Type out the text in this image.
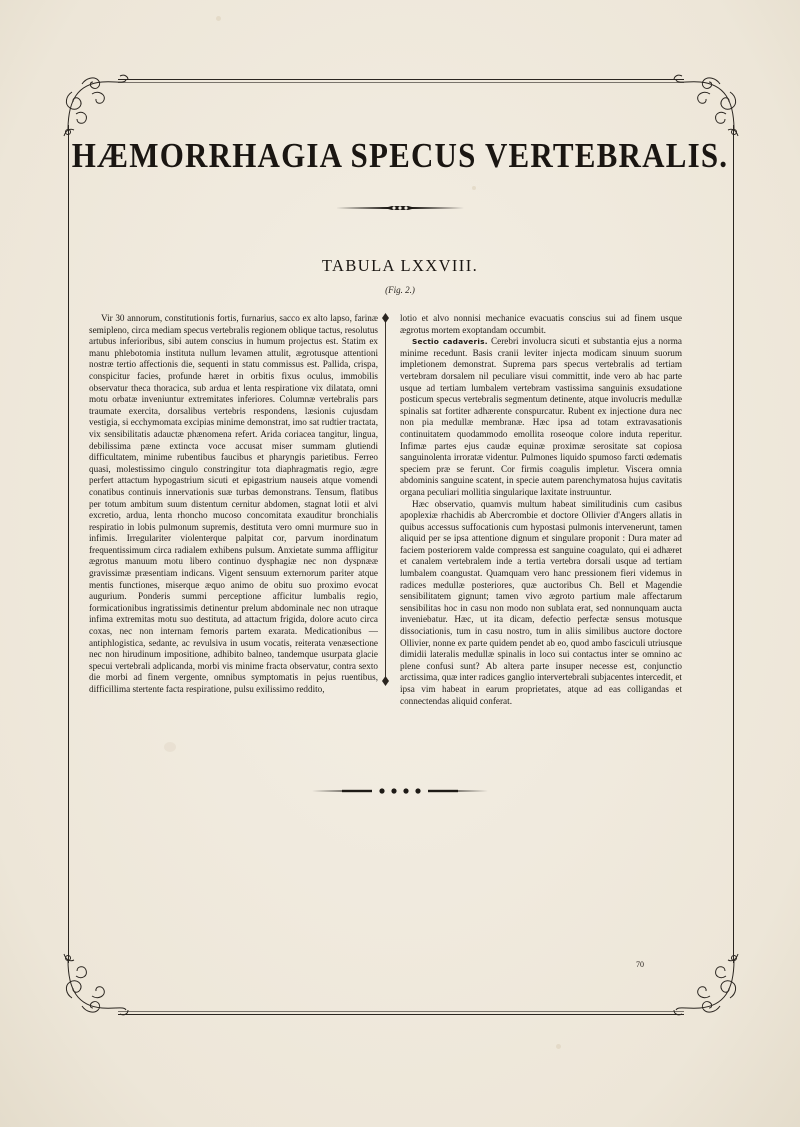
HÆMORRHAGIA SPECUS VERTEBRALIS.
TABULA LXXVIII.
(Fig. 2.)

Vir 30 annorum, constitutionis fortis, furnarius, sacco ex alto lapso, farinæ semipleno, circa mediam specus vertebralis regionem oblique tactus, resolutus artubus inferioribus, sibi autem conscius in humum projectus est. Statim ex manu phlebotomia instituta nullum levamen attulit, ægrotusque attentioni nostræ tertio affectionis die, sequenti in statu commissus est. Pallida, crispa, conspicitur facies, profunde hæret in orbitis fixus oculus, immobilis observatur theca thoracica, sub ardua et lenta respiratione vix dilatata, omni motu orbatæ inveniuntur extremitates inferiores. Columnæ vertebralis pars traumate exercita, dorsalibus vertebris respondens, læsionis cujusdam vestigia, si ecchymomata excipias minime demonstrat, imo sat rudtier tractata, vix sensibilitatis adauctæ phænomena refert. Arida coriacea tangitur, lingua, debilissima pæne extincta voce accusat miser summam glutiendi difficultatem, minime rubentibus faucibus et pharyngis parietibus. Ferreo quasi, molestissimo cingulo constringitur tota diaphragmatis regio, ægre perfert attactum hypogastrium sicuti et epigastrium nauseis atque vomendi conatibus continuis innervationis suæ turbas demonstrans. Tensum, flatibus per totum ambitum suum distentum cernitur abdomen, stagnat lotii et alvi excretio, ardua, lenta rhoncho mucoso concomitata exauditur bronchialis respiratio in lobis pulmonum supremis, destituta vero omni murmure suo in infimis. Irregulariter violenterque palpitat cor, parvum inordinatum frequentissimum circa radialem exhibens pulsum. Anxietate summa affligitur ægrotus manuum motu libero continuo dysphagiæ nec non dyspnææ gravissimæ præsentiam indicans. Vigent sensuum externorum pariter atque mentis functiones, miserque æquo animo de obitu suo proximo evocat augurium. Ponderis summi perceptione afficitur lumbalis regio, formicationibus ingratissimis detinentur prelum abdominale nec non utraque infima extremitas motu suo destituta, ad attactum frigida, dolore acuto circa coxas, nec non internam femoris partem exarata. Medicationibus — antiphlogistica, sedante, ac revulsiva in usum vocatis, reiterata venæsectione nec non hirudinum impositione, adhibito balneo, tandemque usurpata glacie specui vertebrali adplicanda, morbi vis minime fracta observatur, contra sexto die morbi ad finem vergente, omnibus symptomatis in pejus ruentibus, difficillima stertente facta respiratione, pulsu exilissimo reddito,

lotio et alvo nonnisi mechanice evacuatis conscius sui ad finem usque ægrotus mortem exoptandam occumbit.

Sectio cadaveris. Cerebri involucra sicuti et substantia ejus a norma minime recedunt. Basis cranii leviter injecta modicam sinuum suorum impletionem demonstrat. Suprema pars specus vertebralis ad tertiam vertebram dorsalem nil peculiare visui committit, inde vero ab hac parte usque ad tertiam lumbalem vertebram vastissima sanguinis exsudatione posticum specus vertebralis segmentum detinente, atque involucris medullæ spinalis sat fortiter adhærente conspurcatur. Rubent ex injectione dura nec non pia medullæ membranæ. Hæc ipsa ad totam extravasationis continuitatem quodammodo emollita roseoque colore induta reperitur. Infimæ partes ejus caudæ equinæ proximæ serositate sat copiosa sanguinolenta irroratæ videntur. Pulmones liquido spumoso farcti œdematis speciem præ se ferunt. Cor firmis coagulis impletur. Viscera omnia abdominis sanguine scatent, in specie autem parenchymatosa hujus cavitatis organa peculiari mollitia singularique laxitate instruuntur.

Hæc observatio, quamvis multum habeat similitudinis cum casibus apoplexiæ rhachidis ab Abercrombie et doctore Ollivier d'Angers allatis in quibus accessus suffocationis cum hypostasi pulmonis intervenerunt, tamen aliquid per se ipsa attentione dignum et singulare proponit : Dura mater ad faciem posteriorem valde compressa est sanguine coagulato, qui ei adhæret et canalem vertebralem inde a tertia vertebra dorsali usque ad tertiam lumbalem coangustat. Quamquam vero hanc pressionem fieri videmus in radices medullæ posteriores, quæ auctoribus Ch. Bell et Magendie sensibilitatem gignunt; tamen vivo ægroto partium male affectarum sensibilitas hoc in casu non modo non sublata erat, sed nonnunquam aucta inveniebatur. Hæc, ut ita dicam, defectio perfectæ sensus motusque dissociationis, tum in casu nostro, tum in aliis similibus auctore doctore Ollivier, nonne ex parte quidem pendet ab eo, quod ambo fasciculi utriusque dimidii lateralis medullæ spinalis in loco sui contactus inter se omnino ac plene confusi sunt? Ab altera parte insuper necesse est, conjunctio arctissima, quæ inter radices ganglio intervertebrali subjacentes intercedit, et ipsa vim habeat in earum proprietates, atque ad eas colligandas et connectendas aliquid conferat.

70
